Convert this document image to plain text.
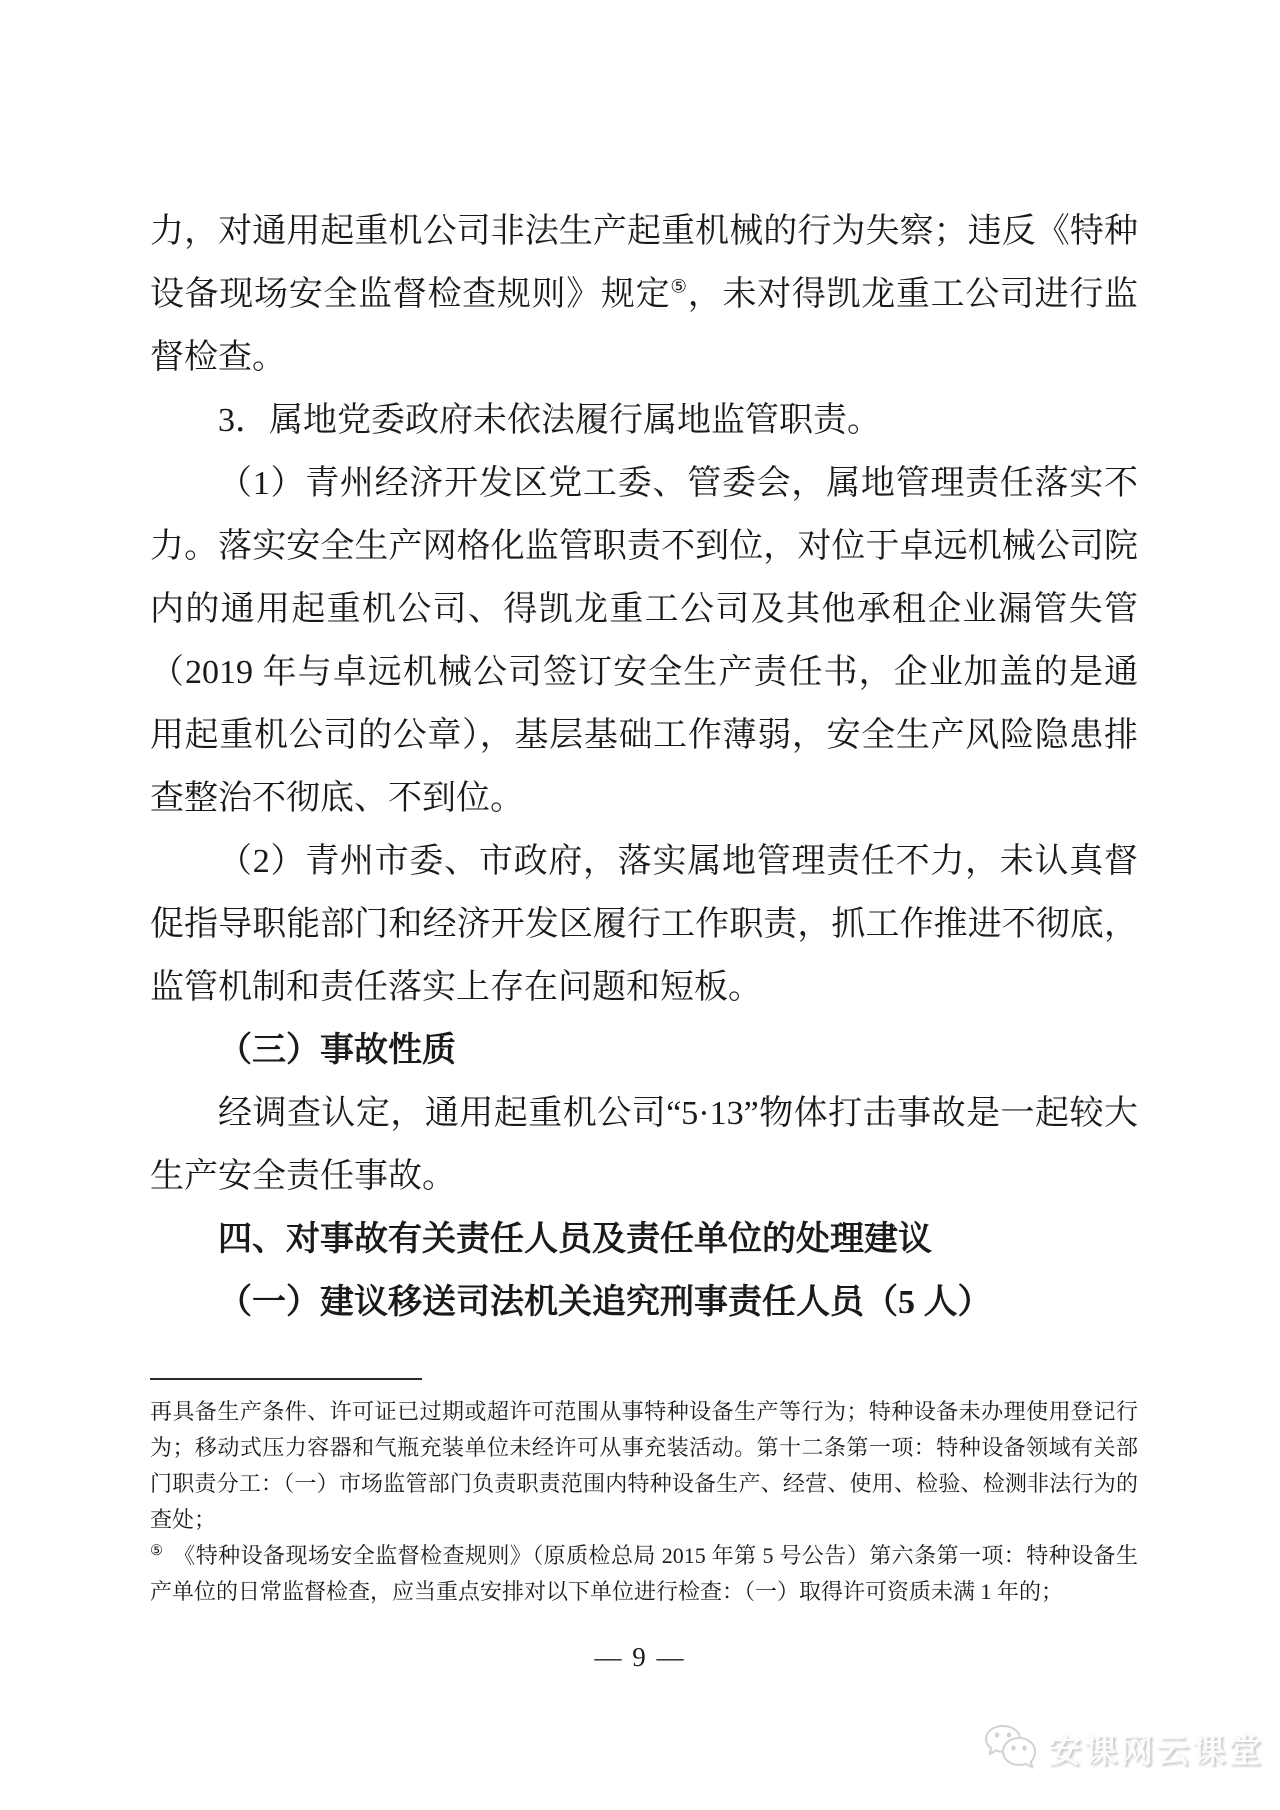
力，对通用起重机公司非法生产起重机械的行为失察；违反《特种设备现场安全监督检查规则》规定⑤，未对得凯龙重工公司进行监督检查。

3．属地党委政府未依法履行属地监管职责。

（1）青州经济开发区党工委、管委会，属地管理责任落实不力。落实安全生产网格化监管职责不到位，对位于卓远机械公司院内的通用起重机公司、得凯龙重工公司及其他承租企业漏管失管（2019 年与卓远机械公司签订安全生产责任书，企业加盖的是通用起重机公司的公章），基层基础工作薄弱，安全生产风险隐患排查整治不彻底、不到位。

（2）青州市委、市政府，落实属地管理责任不力，未认真督促指导职能部门和经济开发区履行工作职责，抓工作推进不彻底，监管机制和责任落实上存在问题和短板。

（三）事故性质

经调查认定，通用起重机公司“5·13”物体打击事故是一起较大生产安全责任事故。

四、对事故有关责任人员及责任单位的处理建议

（一）建议移送司法机关追究刑事责任人员（5 人）

再具备生产条件、许可证已过期或超许可范围从事特种设备生产等行为；特种设备未办理使用登记行为；移动式压力容器和气瓶充装单位未经许可从事充装活动。第十二条第一项：特种设备领域有关部门职责分工：（一）市场监管部门负责职责范围内特种设备生产、经营、使用、检验、检测非法行为的查处；

⑤ 《特种设备现场安全监督检查规则》（原质检总局 2015 年第 5 号公告）第六条第一项：特种设备生产单位的日常监督检查，应当重点安排对以下单位进行检查：（一）取得许可资质未满 1 年的；

— 9 —
安课网云课堂
